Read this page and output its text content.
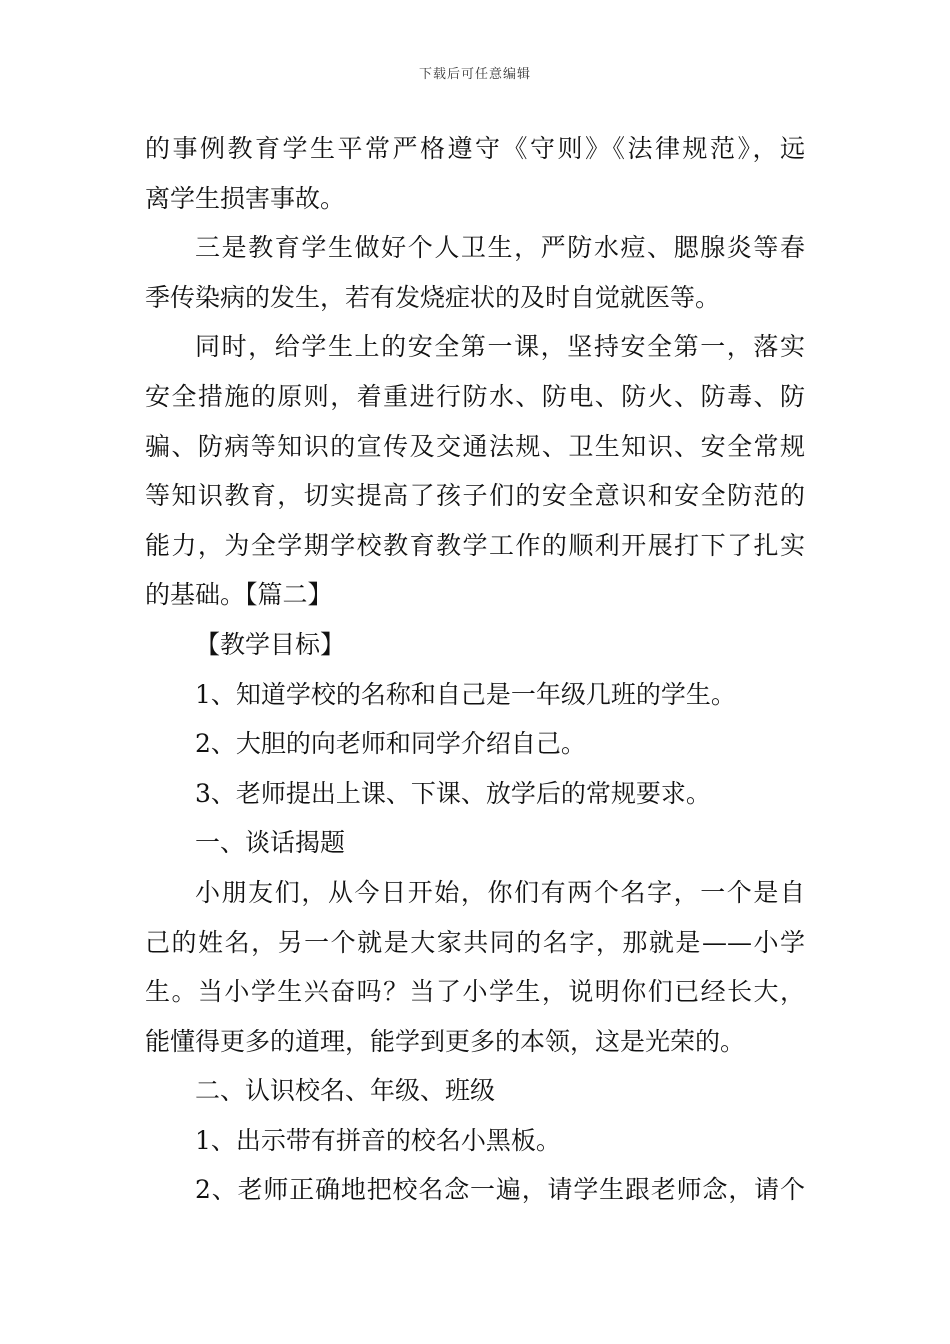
下载后可任意编辑
的事例教育学生平常严格遵守《守则》《法律规范》，远
离学生损害事故。
三是教育学生做好个人卫生，严防水痘、腮腺炎等春
季传染病的发生，若有发烧症状的及时自觉就医等。
同时，给学生上的安全第一课，坚持安全第一，落实
安全措施的原则，着重进行防水、防电、防火、防毒、防
骗、防病等知识的宣传及交通法规、卫生知识、安全常规
等知识教育，切实提高了孩子们的安全意识和安全防范的
能力，为全学期学校教育教学工作的顺利开展打下了扎实
的基础。【篇二】
【教学目标】
1、知道学校的名称和自己是一年级几班的学生。
2、大胆的向老师和同学介绍自己。
3、老师提出上课、下课、放学后的常规要求。
一、谈话揭题
小朋友们，从今日开始，你们有两个名字，一个是自
己的姓名，另一个就是大家共同的名字，那就是——小学
生。当小学生兴奋吗？当了小学生，说明你们已经长大，
能懂得更多的道理，能学到更多的本领，这是光荣的。
二、认识校名、年级、班级
1、出示带有拼音的校名小黑板。
2、老师正确地把校名念一遍，请学生跟老师念，请个
